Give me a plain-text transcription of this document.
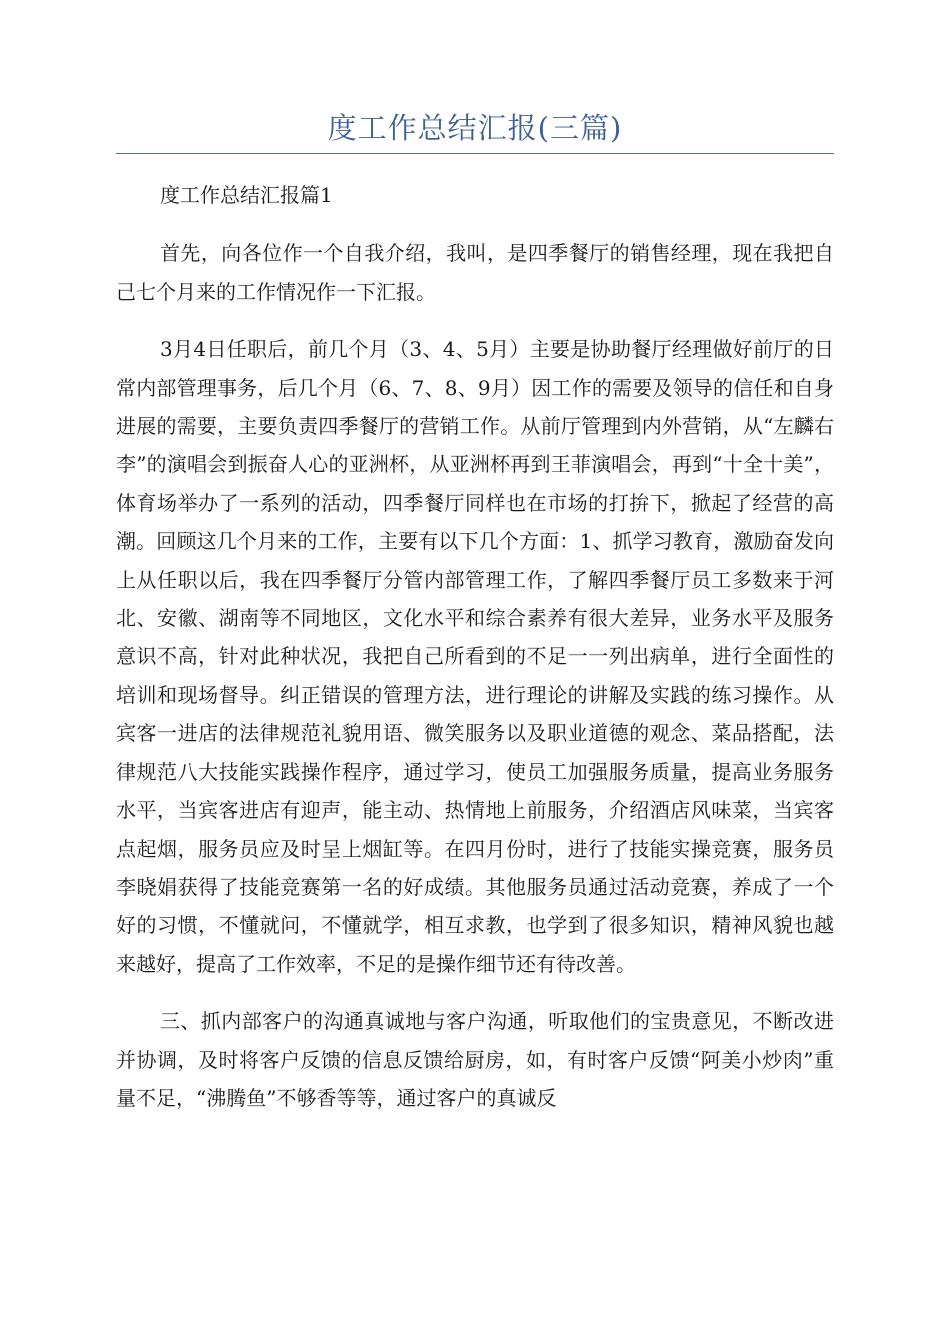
度工作总结汇报(三篇)

度工作总结汇报篇1

首先，向各位作一个自我介绍，我叫，是四季餐厅的销售经理，现在我把自己七个月来的工作情况作一下汇报。

3月4日任职后，前几个月（3、4、5月）主要是协助餐厅经理做好前厅的日常内部管理事务，后几个月（6、7、8、9月）因工作的需要及领导的信任和自身进展的需要，主要负责四季餐厅的营销工作。从前厅管理到内外营销，从“左麟右李”的演唱会到振奋人心的亚洲杯，从亚洲杯再到王菲演唱会，再到“十全十美”，体育场举办了一系列的活动，四季餐厅同样也在市场的打拚下，掀起了经营的高潮。回顾这几个月来的工作，主要有以下几个方面：1、抓学习教育，激励奋发向上从任职以后，我在四季餐厅分管内部管理工作，了解四季餐厅员工多数来于河北、安徽、湖南等不同地区，文化水平和综合素养有很大差异，业务水平及服务意识不高，针对此种状况，我把自己所看到的不足一一列出病单，进行全面性的培训和现场督导。纠正错误的管理方法，进行理论的讲解及实践的练习操作。从宾客一进店的法律规范礼貌用语、微笑服务以及职业道德的观念、菜品搭配，法律规范八大技能实践操作程序，通过学习，使员工加强服务质量，提高业务服务水平，当宾客进店有迎声，能主动、热情地上前服务，介绍酒店风味菜，当宾客点起烟，服务员应及时呈上烟缸等。在四月份时，进行了技能实操竞赛，服务员李晓娟获得了技能竞赛第一名的好成绩。其他服务员通过活动竞赛，养成了一个好的习惯，不懂就问，不懂就学，相互求教，也学到了很多知识，精神风貌也越来越好，提高了工作效率，不足的是操作细节还有待改善。

三、抓内部客户的沟通真诚地与客户沟通，听取他们的宝贵意见，不断改进并协调，及时将客户反馈的信息反馈给厨房，如，有时客户反馈“阿美小炒肉”重量不足，“沸腾鱼”不够香等等，通过客户的真诚反
